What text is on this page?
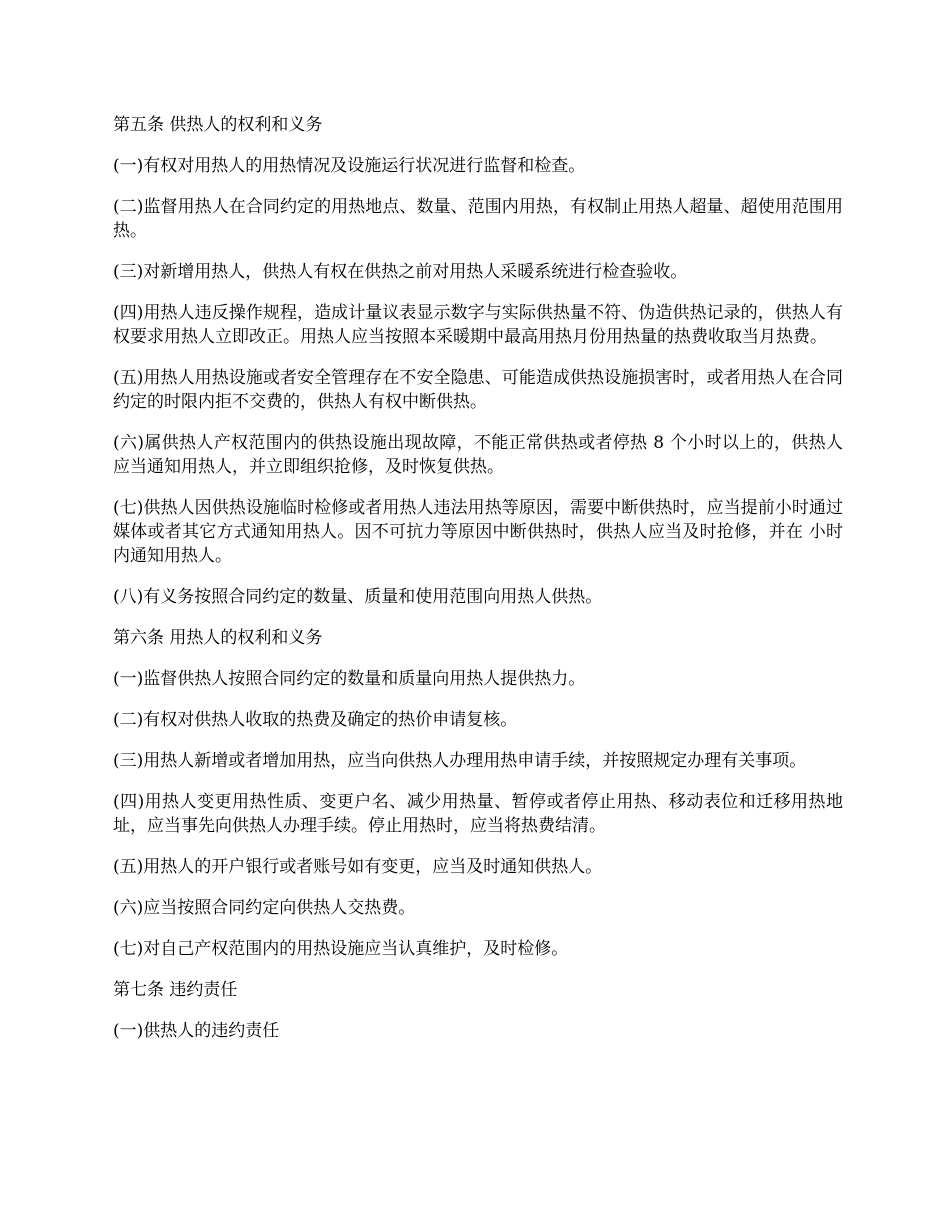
第五条 供热人的权利和义务

(一)有权对用热人的用热情况及设施运行状况进行监督和检查。

(二)监督用热人在合同约定的用热地点、数量、范围内用热，有权制止用热人超量、超使用范围用热。

(三)对新增用热人，供热人有权在供热之前对用热人采暖系统进行检查验收。

(四)用热人违反操作规程，造成计量议表显示数字与实际供热量不符、伪造供热记录的，供热人有权要求用热人立即改正。用热人应当按照本采暖期中最高用热月份用热量的热费收取当月热费。

(五)用热人用热设施或者安全管理存在不安全隐患、可能造成供热设施损害时，或者用热人在合同约定的时限内拒不交费的，供热人有权中断供热。

(六)属供热人产权范围内的供热设施出现故障，不能正常供热或者停热 8 个小时以上的，供热人应当通知用热人，并立即组织抢修，及时恢复供热。

(七)供热人因供热设施临时检修或者用热人违法用热等原因，需要中断供热时，应当提前小时通过媒体或者其它方式通知用热人。因不可抗力等原因中断供热时，供热人应当及时抢修，并在 小时内通知用热人。

(八)有义务按照合同约定的数量、质量和使用范围向用热人供热。

第六条 用热人的权利和义务

(一)监督供热人按照合同约定的数量和质量向用热人提供热力。

(二)有权对供热人收取的热费及确定的热价申请复核。

(三)用热人新增或者增加用热，应当向供热人办理用热申请手续，并按照规定办理有关事项。

(四)用热人变更用热性质、变更户名、减少用热量、暂停或者停止用热、移动表位和迁移用热地址，应当事先向供热人办理手续。停止用热时，应当将热费结清。

(五)用热人的开户银行或者账号如有变更，应当及时通知供热人。

(六)应当按照合同约定向供热人交热费。

(七)对自己产权范围内的用热设施应当认真维护，及时检修。

第七条 违约责任

(一)供热人的违约责任
